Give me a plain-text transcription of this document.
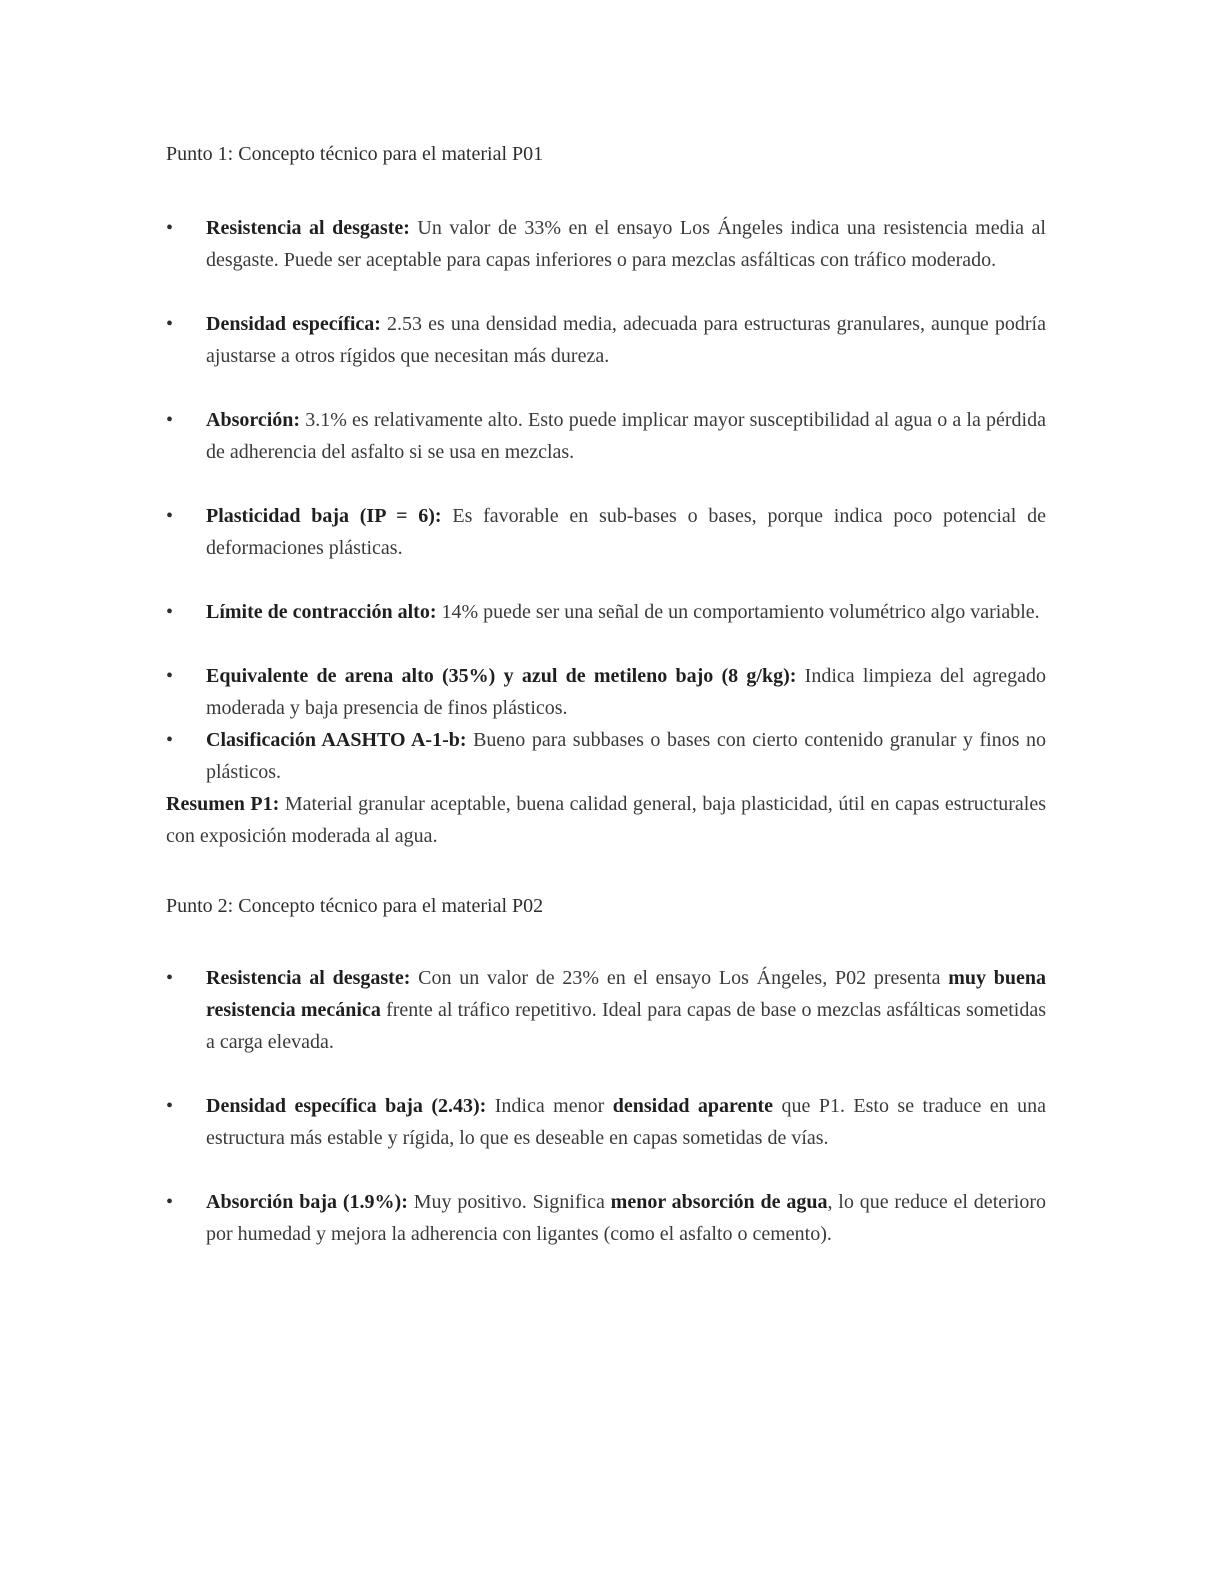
Punto 1: Concepto técnico para el material P01

•	Resistencia al desgaste: Un valor de 33% en el ensayo Los Ángeles indica una resistencia media al desgaste. Puede ser aceptable para capas inferiores o para mezclas asfálticas con tráfico moderado.
•	Densidad específica: 2.53 es una densidad media, adecuada para estructuras granulares, aunque podría ajustarse a otros rígidos que necesitan más dureza.
•	Absorción: 3.1% es relativamente alto. Esto puede implicar mayor susceptibilidad al agua o a la pérdida de adherencia del asfalto si se usa en mezclas.
•	Plasticidad baja (IP = 6): Es favorable en sub-bases o bases, porque indica poco potencial de deformaciones plásticas.
•	Límite de contracción alto: 14% puede ser una señal de un comportamiento volumétrico algo variable.
•	Equivalente de arena alto (35%) y azul de metileno bajo (8 g/kg): Indica limpieza del agregado moderada y baja presencia de finos plásticos.
•	Clasificación AASHTO A-1-b: Bueno para subbases o bases con cierto contenido granular y finos no plásticos.

Resumen P1: Material granular aceptable, buena calidad general, baja plasticidad, útil en capas estructurales con exposición moderada al agua.

Punto 2: Concepto técnico para el material P02

•	Resistencia al desgaste: Con un valor de 23% en el ensayo Los Ángeles, P02 presenta muy buena resistencia mecánica frente al tráfico repetitivo. Ideal para capas de base o mezclas asfálticas sometidas a carga elevada.
•	Densidad específica baja (2.43): Indica menor densidad aparente que P1. Esto se traduce en una estructura más estable y rígida, lo que es deseable en capas sometidas de vías.
•	Absorción baja (1.9%): Muy positivo. Significa menor absorción de agua, lo que reduce el deterioro por humedad y mejora la adherencia con ligantes (como el asfalto o cemento).
